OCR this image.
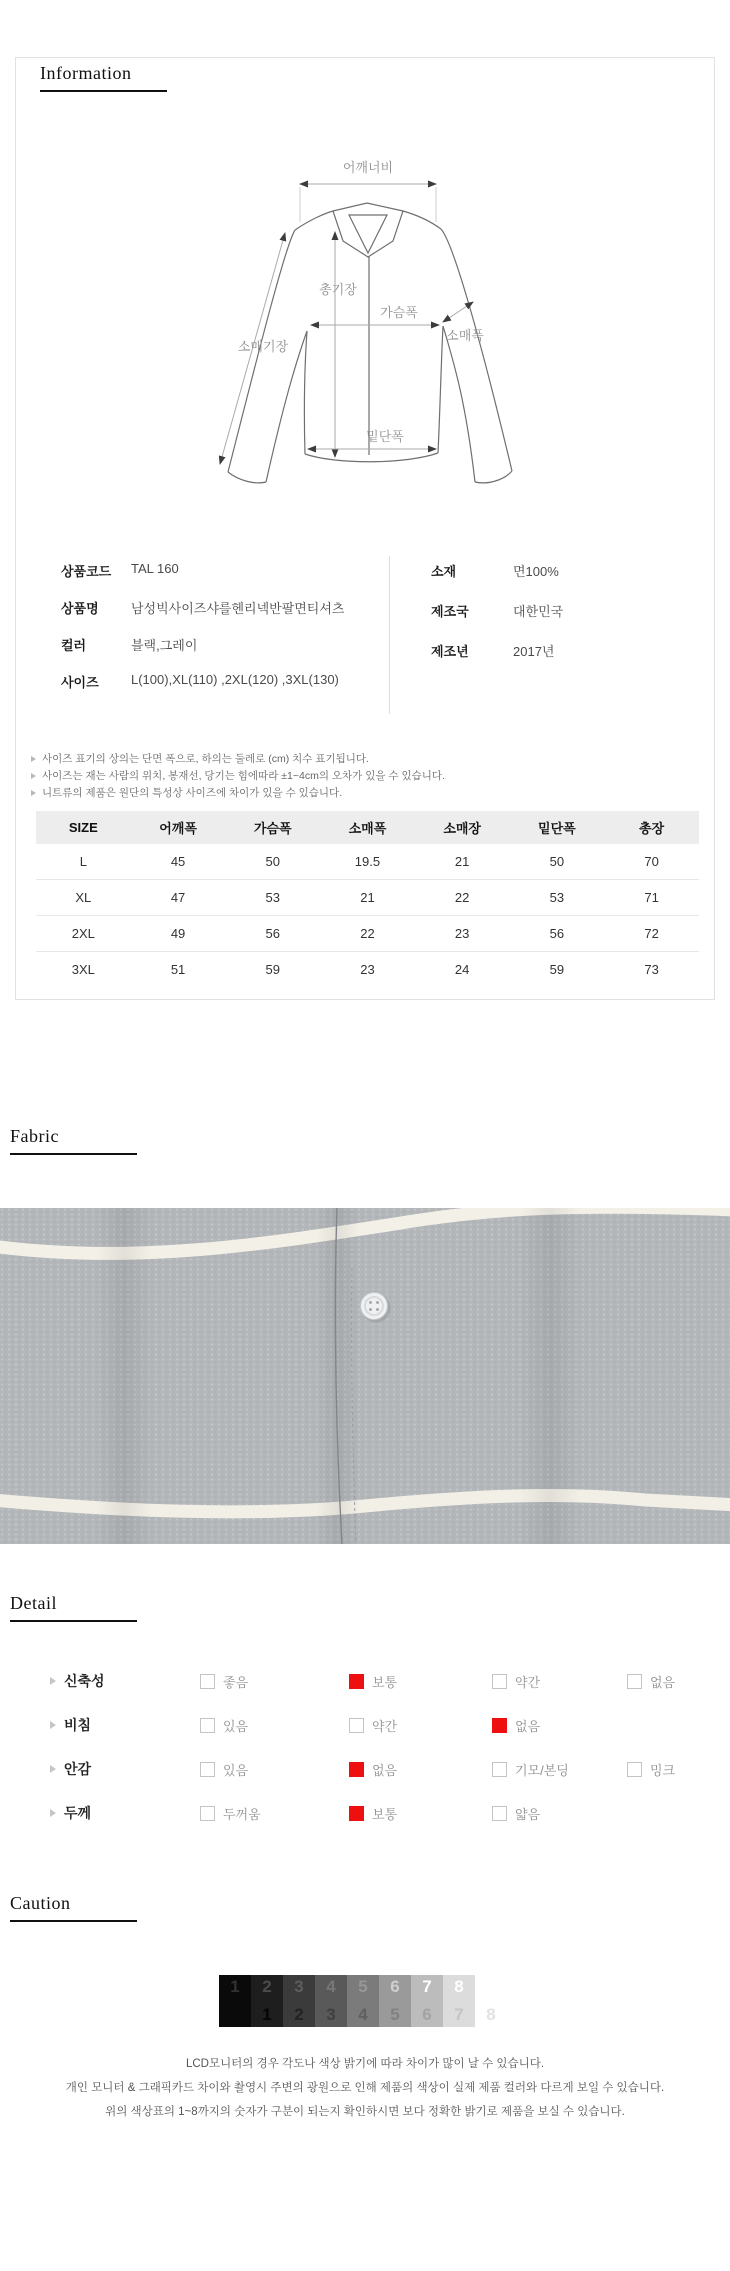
Information
어깨너비
총기장
가슴폭
소매폭
소매기장
밑단폭
상품코드 TAL 160
상품명 남성빅사이즈샤를헨리넥반팔면티셔츠
컬러	블랙,그레이
사이즈 L(100),XL(110) ,2XL(120) ,3XL(130)
소재	면100%
제조국	대한민국
제조년	2017년
사이즈 표기의 상의는 단면 폭으로, 하의는 둘레로 (cm) 치수 표기됩니다.
사이즈는 재는 사람의 위치, 봉재선, 당기는 힘에따라 ±1~4cm의 오차가 있을 수 있습니다.
니트류의 제품은 원단의 특성상 사이즈에 차이가 있을 수 있습니다.
SIZE	어깨폭	가슴폭	소매폭	소매장	밑단폭	총장
L	45	50	19.5	21	50	70
XL	47	53	21	22	53	71
2XL	49	56	22	23	56	72
3XL	51	59	23	24	59	73
Fabric
Detail
신축성	좋음	보통	약간	없음
비침	있음	약간	없음
안감	있음	없음	기모/본딩	밍크
두께	두꺼움	보통	얇음
Caution
1	2
1
3
2
4
3
5
4
6
5
7
6
8
7	8
LCD모니터의 경우 각도나 색상 밝기에 따라 차이가 많이 날 수 있습니다.
개인 모니터 & 그래픽카드 차이와 촬영시 주변의 광원으로 인해 제품의 색상이 실제 제품 컬러와 다르게 보일 수 있습니다.
위의 색상표의 1~8까지의 숫자가 구분이 되는지 확인하시면 보다 정확한 밝기로 제품을 보실 수 있습니다.
